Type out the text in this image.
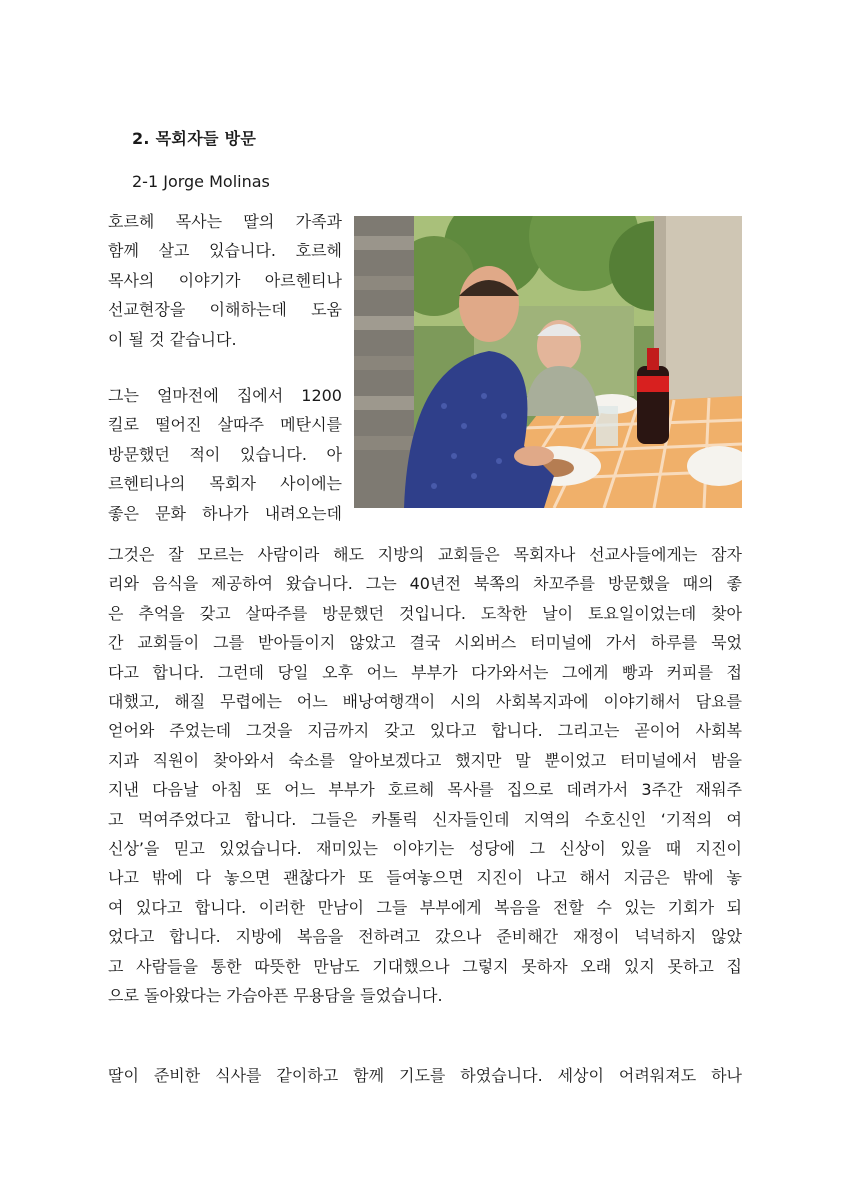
2. 목회자들 방문
2-1 Jorge Molinas

호르헤 목사는 딸의 가족과
함께 살고 있습니다. 호르헤
목사의 이야기가 아르헨티나
선교현장을 이해하는데 도움
이 될 것 같습니다.

그는 얼마전에 집에서 1200
킬로 떨어진 살따주 메탄시를
방문했던 적이 있습니다. 아
르헨티나의 목회자 사이에는
좋은 문화 하나가 내려오는데

그것은 잘 모르는 사람이라 해도 지방의 교회들은 목회자나 선교사들에게는 잠자
리와 음식을 제공하여 왔습니다. 그는 40년전 북쪽의 차꼬주를 방문했을 때의 좋
은 추억을 갖고 살따주를 방문했던 것입니다. 도착한 날이 토요일이었는데 찾아
간 교회들이 그를 받아들이지 않았고 결국 시외버스 터미널에 가서 하루를 묵었
다고 합니다. 그런데 당일 오후 어느 부부가 다가와서는 그에게 빵과 커피를 접
대했고, 해질 무렵에는 어느 배낭여행객이 시의 사회복지과에 이야기해서 담요를
얻어와 주었는데 그것을 지금까지 갖고 있다고 합니다. 그리고는 곧이어 사회복
지과 직원이 찾아와서 숙소를 알아보겠다고 했지만 말 뿐이었고 터미널에서 밤을
지낸 다음날 아침 또 어느 부부가 호르헤 목사를 집으로 데려가서 3주간 재워주
고 먹여주었다고 합니다. 그들은 카톨릭 신자들인데 지역의 수호신인 ‘기적의 여
신상’을 믿고 있었습니다. 재미있는 이야기는 성당에 그 신상이 있을 때 지진이
나고 밖에 다 놓으면 괜찮다가 또 들여놓으면 지진이 나고 해서 지금은 밖에 놓
여 있다고 합니다. 이러한 만남이 그들 부부에게 복음을 전할 수 있는 기회가 되
었다고 합니다. 지방에 복음을 전하려고 갔으나 준비해간 재정이 넉넉하지 않았
고 사람들을 통한 따뜻한 만남도 기대했으나 그렇지 못하자 오래 있지 못하고 집
으로 돌아왔다는 가슴아픈 무용담을 들었습니다.

딸이 준비한 식사를 같이하고 함께 기도를 하였습니다. 세상이 어려워져도 하나
